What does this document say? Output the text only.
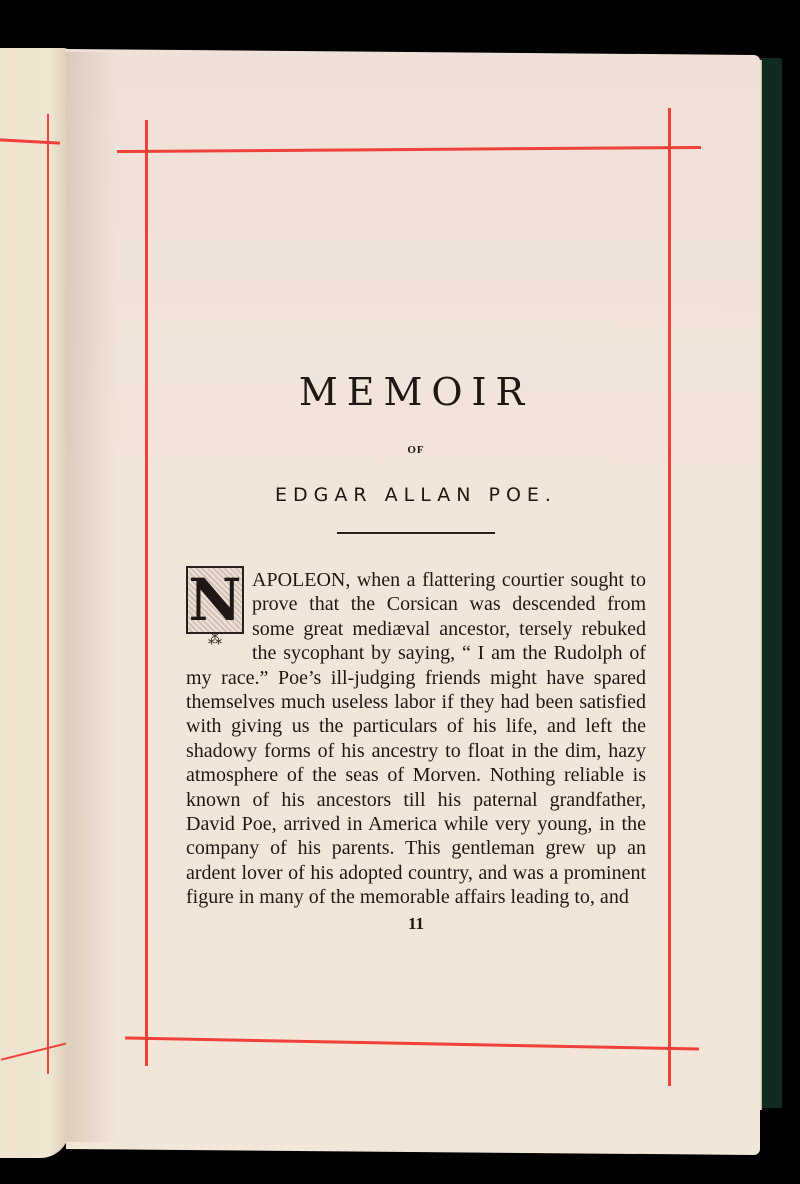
MEMOIR
OF
EDGAR ALLAN POE.

N
⁂
APOLEON, when a flattering courtier sought to prove that the Corsican was descended from some great mediæval ancestor, tersely rebuked the sycophant by saying, “ I am the Rudolph of my race.” Poe’s ill-judging friends might have spared themselves much useless labor if they had been satisfied with giving us the particulars of his life, and left the shadowy forms of his ancestry to float in the dim, hazy atmosphere of the seas of Morven. Nothing reliable is known of his ancestors till his paternal grandfather, David Poe, arrived in America while very young, in the company of his parents. This gentleman grew up an ardent lover of his adopted country, and was a prominent figure in many of the memorable affairs leading to, and

11
